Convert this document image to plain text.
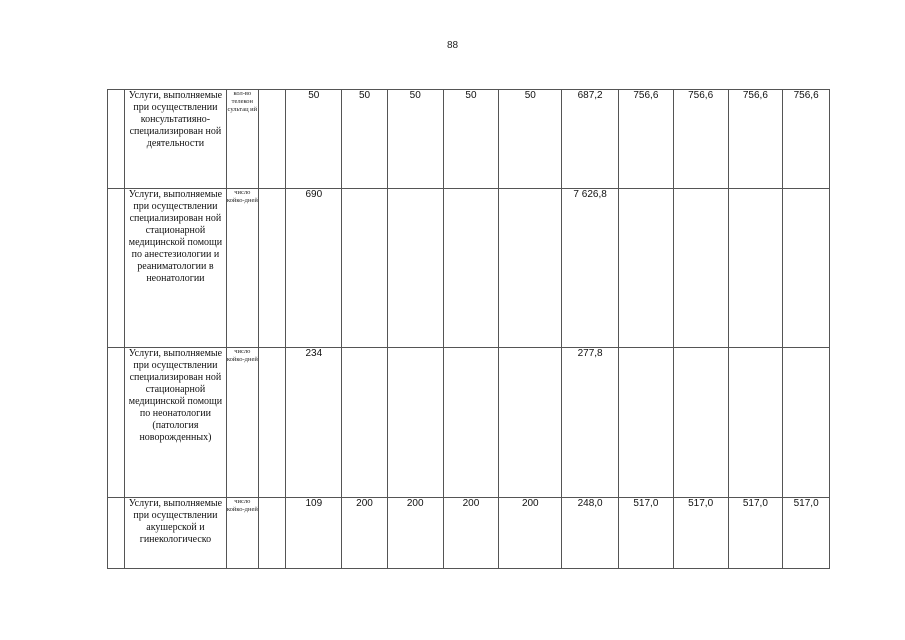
88

	Услуги, выполняемые при осуществлении консультатияно-специализирован ной деятельности	кол-во телекон сультац ий		50	50	50	50	50	687,2	756,6	756,6	756,6	756,6

	Услуги, выполняемые при осуществлении специализирован ной стационарной медицинской помощи по анестезиологии и реаниматологии в неонатологии	число койко-дней		690					7 626,8				

	Услуги, выполняемые при осуществлении специализирован ной стационарной медицинской помощи по неонатологии (патология новорожденных)	число койко-дней		234					277,8				

	Услуги, выполняемые при осуществлении акушерской и гинекологическо	число койко-дней		109	200	200	200	200	248,0	517,0	517,0	517,0	517,0
